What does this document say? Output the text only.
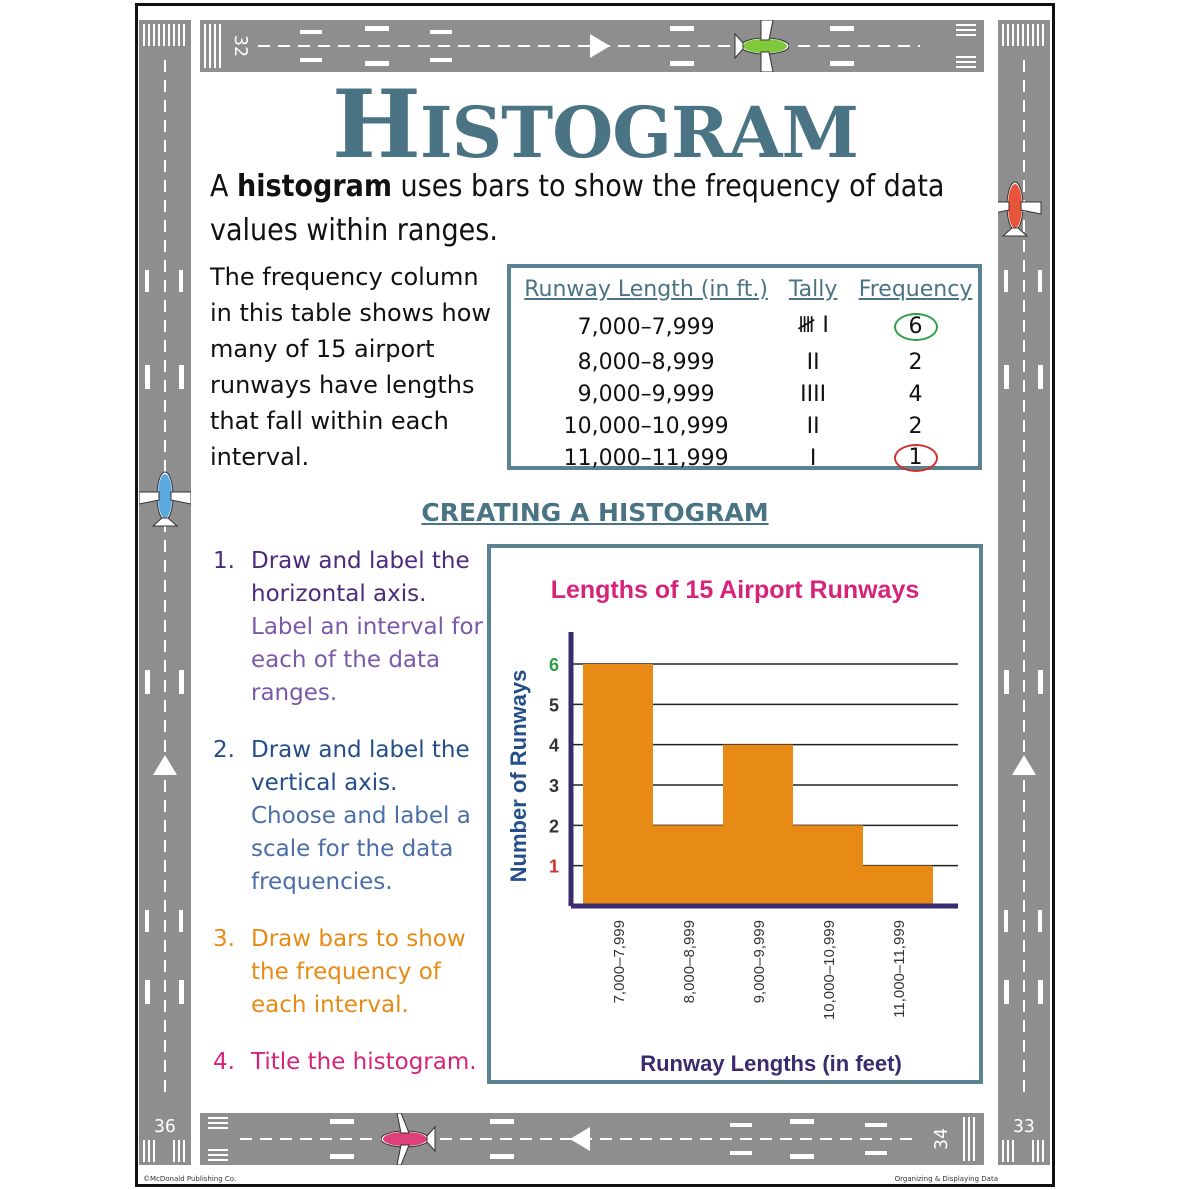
32
34
36	33
HISTOGRAM
A histogram uses bars to show the frequency of data values within ranges.
The frequency column in this table shows how many of 15 airport runways have lengths that fall within each interval.
Runway Length (in ft.)	Tally	Frequency
7,000–7,999	𝍸 I	6
8,000–8,999	II	2
9,000–9,999	IIII	4
10,000–10,999	II	2
11,000–11,999	I	1
CREATING A HISTOGRAM
1. Draw and label the horizontal axis. Label an interval for each of the data ranges.
2. Draw and label the vertical axis. Choose and label a scale for the data frequencies.
3. Draw bars to show the frequency of each interval.
4. Title the histogram.
Lengths of 15 Airport Runways
1
2
3
4
5
6
7,000–7,999	8,000–8,999	9,000–9,999	10,000–10,999	11,000–11,999
Number of Runways
Runway Lengths (in feet)
©McDonald Publishing Co.	Organizing & Displaying Data
